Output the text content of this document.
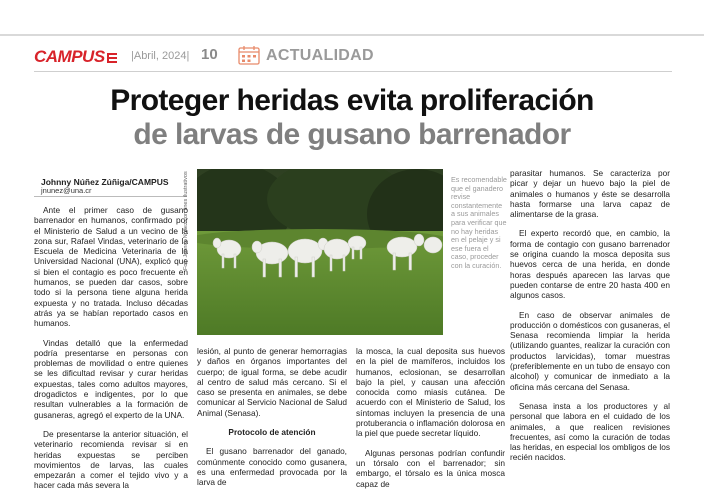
CAMPUS	|Abril, 2024| 10	ACTUALIDAD
Proteger heridas evita proliferación
de larvas de gusano barrenador
Johnny Núñez Zúñiga/CAMPUS
jnunez@una.cr

Ante el primer caso de gusano barrenador en humanos, confirmado por el Ministerio de Salud a un vecino de la zona sur, Rafael Vindas, veterinario de la Escuela de Medicina Veterinaria de la Universidad Nacional (UNA), explicó que si bien el contagio es poco frecuente en humanos, se pueden dar casos, sobre todo si la persona tiene alguna herida expuesta y no tratada. Incluso décadas atrás ya se habían reportado casos en humanos.

Vindas detalló que la enfermedad podría presentarse en personas con problemas de movilidad o entre quienes se les dificultad revisar y curar heridas expuestas, tales como adultos mayores, drogadictos e indigentes, por lo que resultan vulnerables a la formación de gusaneras, agregó el experto de la UNA.

De presentarse la anterior situación, el veterinario recomienda revisar si en heridas expuestas se perciben movimientos de larvas, las cuales empezarán a comer el tejido vivo y a hacer cada más severa la

Foto Johnny Núñez con fines ilustrativos	Es recomendable que el ganadero revise constantemente a sus animales para verificar que no hay heridas en el pelaje y si ese fuera el caso, proceder con la curación.

lesión, al punto de generar hemorragias y daños en órganos importantes del cuerpo; de igual forma, se debe acudir al centro de salud más cercano. Si el caso se presenta en animales, se debe comunicar al Servicio Nacional de Salud Animal (Senasa).

Protocolo de atención

El gusano barrenador del ganado, comúnmente conocido como gusanera, es una enfermedad provocada por la larva de

la mosca, la cual deposita sus huevos en la piel de mamíferos, incluidos los humanos, eclosionan, se desarrollan bajo la piel, y causan una afección conocida como miasis cutánea. De acuerdo con el Ministerio de Salud, los síntomas incluyen la presencia de una protuberancia o inflamación dolorosa en la piel que puede secretar líquido.

Algunas personas podrían confundir un tórsalo con el barrenador; sin embargo, el tórsalo es la única mosca capaz de

parasitar humanos. Se caracteriza por picar y dejar un huevo bajo la piel de animales o humanos y éste se desarrolla hasta formarse una larva capaz de alimentarse de la grasa.

El experto recordó que, en cambio, la forma de contagio con gusano barrenador se origina cuando la mosca deposita sus huevos cerca de una herida, en donde horas después aparecen las larvas que pueden contarse de entre 20 hasta 400 en algunos casos.

En caso de observar animales de producción o domésticos con gusaneras, el Senasa recomienda limpiar la herida (utilizando guantes, realizar la curación con productos larvicidas), tomar muestras (preferiblemente en un tubo de ensayo con alcohol) y comunicar de inmediato a la oficina más cercana del Senasa.

Senasa insta a los productores y al personal que labora en el cuidado de los animales, a que realicen revisiones frecuentes, así como la curación de todas las heridas, en especial los ombligos de los recién nacidos.
